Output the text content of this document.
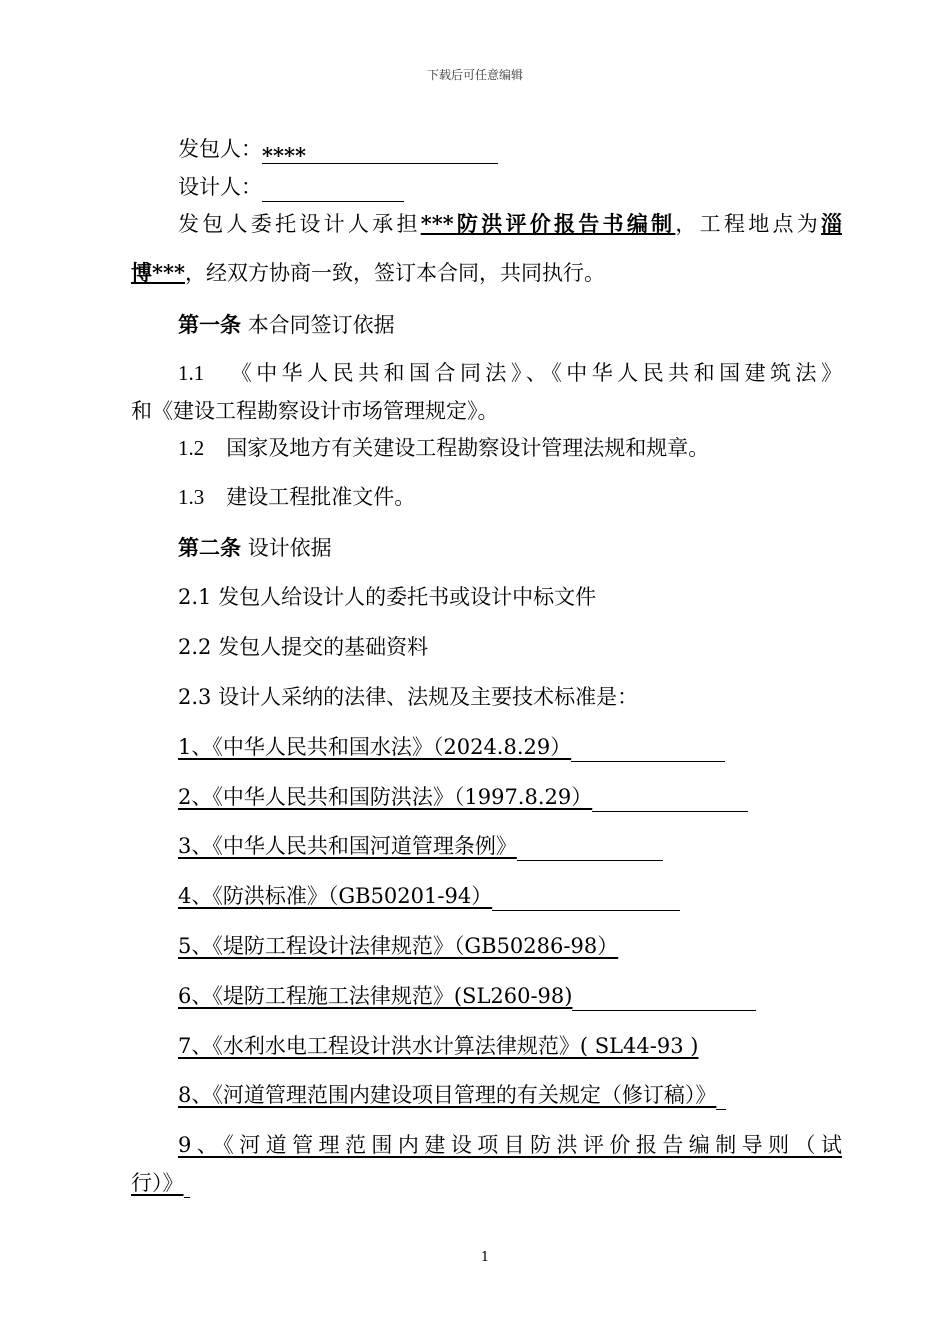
下载后可任意编辑
发包人：****
设计人：
发包人委托设计人承担***防洪评价报告书编制，工程地点为淄
博***，经双方协商一致，签订本合同，共同执行。
第一条 本合同签订依据
1.1 《中华人民共和国合同法》、《中华人民共和国建筑法》
和《建设工程勘察设计市场管理规定》。
1.2 国家及地方有关建设工程勘察设计管理法规和规章。
1.3 建设工程批准文件。
第二条 设计依据
2.1 发包人给设计人的委托书或设计中标文件
2.2 发包人提交的基础资料
2.3 设计人采纳的法律、法规及主要技术标准是：
1、《中华人民共和国水法》（2024.8.29）
2、《中华人民共和国防洪法》（1997.8.29）
3、《中华人民共和国河道管理条例》
4、《防洪标准》（GB50201-94）
5、《堤防工程设计法律规范》（GB50286-98）
6、《堤防工程施工法律规范》(SL260-98)
7、《水利水电工程设计洪水计算法律规范》( SL44-93 )
8、《河道管理范围内建设项目管理的有关规定（修订稿）》
9、《河道管理范围内建设项目防洪评价报告编制导则（试
行）》
1
